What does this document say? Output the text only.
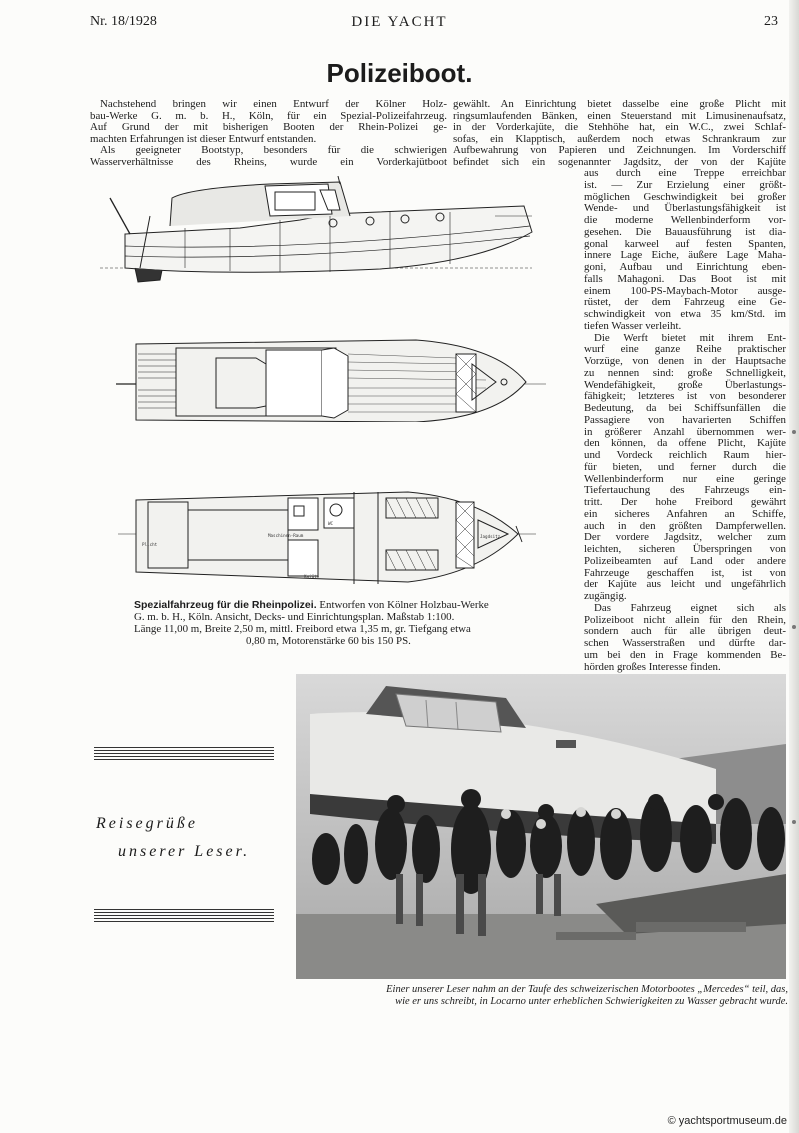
Nr. 18/1928	DIE YACHT	23
Polizeiboot.
Nachstehend bringen wir einen Entwurf der Kölner Holz-
bau-Werke G. m. b. H., Köln, für ein Spezial-Polizeifahrzeug.
Auf Grund der mit bisherigen Booten der Rhein-Polizei ge-
machten Erfahrungen ist dieser Entwurf entstanden.
Als geeigneter Bootstyp, besonders für die schwierigen
Wasserverhältnisse des Rheins, wurde ein Vorderkajütboot
gewählt. An Einrichtung bietet dasselbe eine große Plicht mit
ringsumlaufenden Bänken, einen Steuerstand mit Limusinenaufsatz,
in der Vorderkajüte, die Stehhöhe hat, ein W.C., zwei Schlaf-
sofas, ein Klapptisch, außerdem noch etwas Schrankraum zur
Aufbewahrung von Papieren und Zeichnungen. Im Vorderschiff
befindet sich ein sogenannter Jagdsitz, der von der Kajüte
aus durch eine Treppe erreichbar
ist. — Zur Erzielung einer größt-
möglichen Geschwindigkeit bei großer
Wende- und Überlastungsfähigkeit ist
die moderne Wellenbinderform vor-
gesehen. Die Bauausführung ist dia-
gonal karweel auf festen Spanten,
innere Lage Eiche, äußere Lage Maha-
goni, Aufbau und Einrichtung eben-
falls Mahagoni. Das Boot ist mit
einem 100-PS-Maybach-Motor ausge-
rüstet, der dem Fahrzeug eine Ge-
schwindigkeit von etwa 35 km/Std. im
tiefen Wasser verleiht.
Die Werft bietet mit ihrem Ent-
wurf eine ganze Reihe praktischer
Vorzüge, von denen in der Hauptsache
zu nennen sind: große Schnelligkeit,
Wendefähigkeit, große Überlastungs-
fähigkeit; letzteres ist von besonderer
Bedeutung, da bei Schiffsunfällen die
Passagiere von havarierten Schiffen
in größerer Anzahl übernommen wer-
den können, da offene Plicht, Kajüte
und Vordeck reichlich Raum hier-
für bieten, und ferner durch die
Wellenbinderform nur eine geringe
Tiefertauchung des Fahrzeugs ein-
tritt. Der hohe Freibord gewährt
ein sicheres Anfahren an Schiffe,
auch in den größten Dampferwellen.
Der vordere Jagdsitz, welcher zum
leichten, sicheren Überspringen von
Polizeibeamten auf Land oder andere
Fahrzeuge geschaffen ist, ist von
der Kajüte aus leicht und ungefährlich
zugängig.
Das Fahrzeug eignet sich als
Polizeiboot nicht allein für den Rhein,
sondern auch für alle übrigen deut-
schen Wasserstraßen und dürfte dar-
um bei den in Frage kommenden Be-
hörden großes Interesse finden.
Plicht
Maschinen-Raum
Kajüte
WC
Jagdsitz
Spezialfahrzeug für die Rheinpolizei. Entworfen von Kölner Holzbau-Werke
G. m. b. H., Köln. Ansicht, Decks- und Einrichtungsplan. Maßstab 1:100.
Länge 11,00 m, Breite 2,50 m, mittl. Freibord etwa 1,35 m, gr. Tiefgang etwa
0,80 m, Motorenstärke 60 bis 150 PS.
Reisegrüße
unserer Leser.
Einer unserer Leser nahm an der Taufe des schweizerischen Motorbootes „Mercedes“ teil, das,
wie er uns schreibt, in Locarno unter erheblichen Schwierigkeiten zu Wasser gebracht wurde.
© yachtsportmuseum.de
